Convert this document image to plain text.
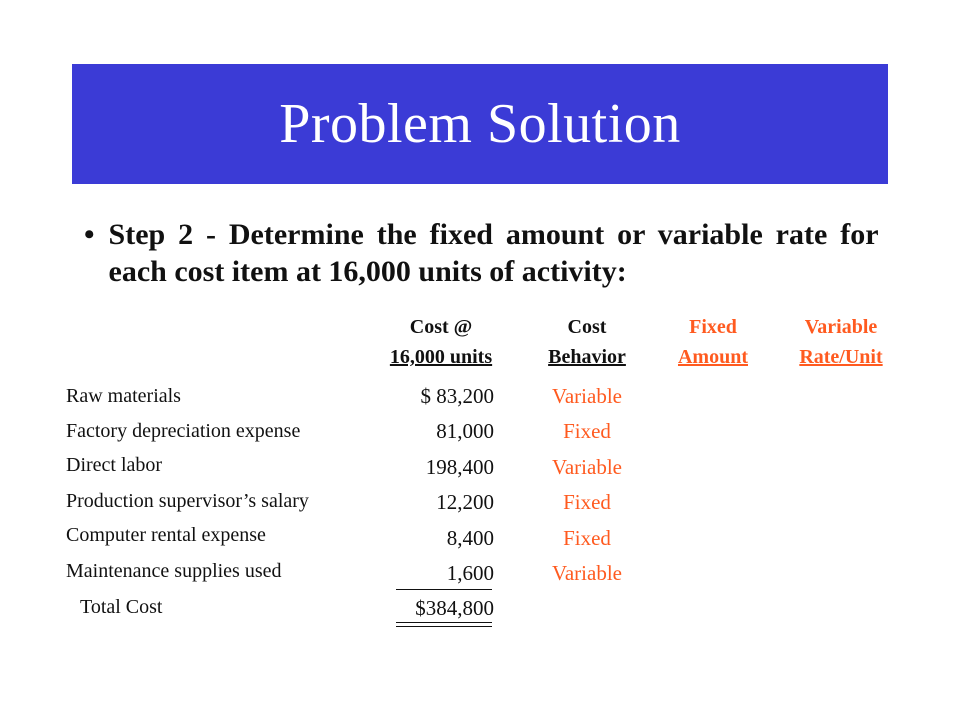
Problem Solution
• Step 2 - Determine the fixed amount or variable rate for each cost item at 16,000 units of activity:
Cost @
16,000 units
Cost
Behavior
Fixed
Amount
Variable
Rate/Unit
Raw materials
Factory depreciation expense
Direct labor
Production supervisor’s salary
Computer rental expense
Maintenance supplies used
Total Cost
$ 83,200
81,000
198,400
12,200
8,400
1,600
$384,800
Variable
Fixed
Variable
Fixed
Fixed
Variable
